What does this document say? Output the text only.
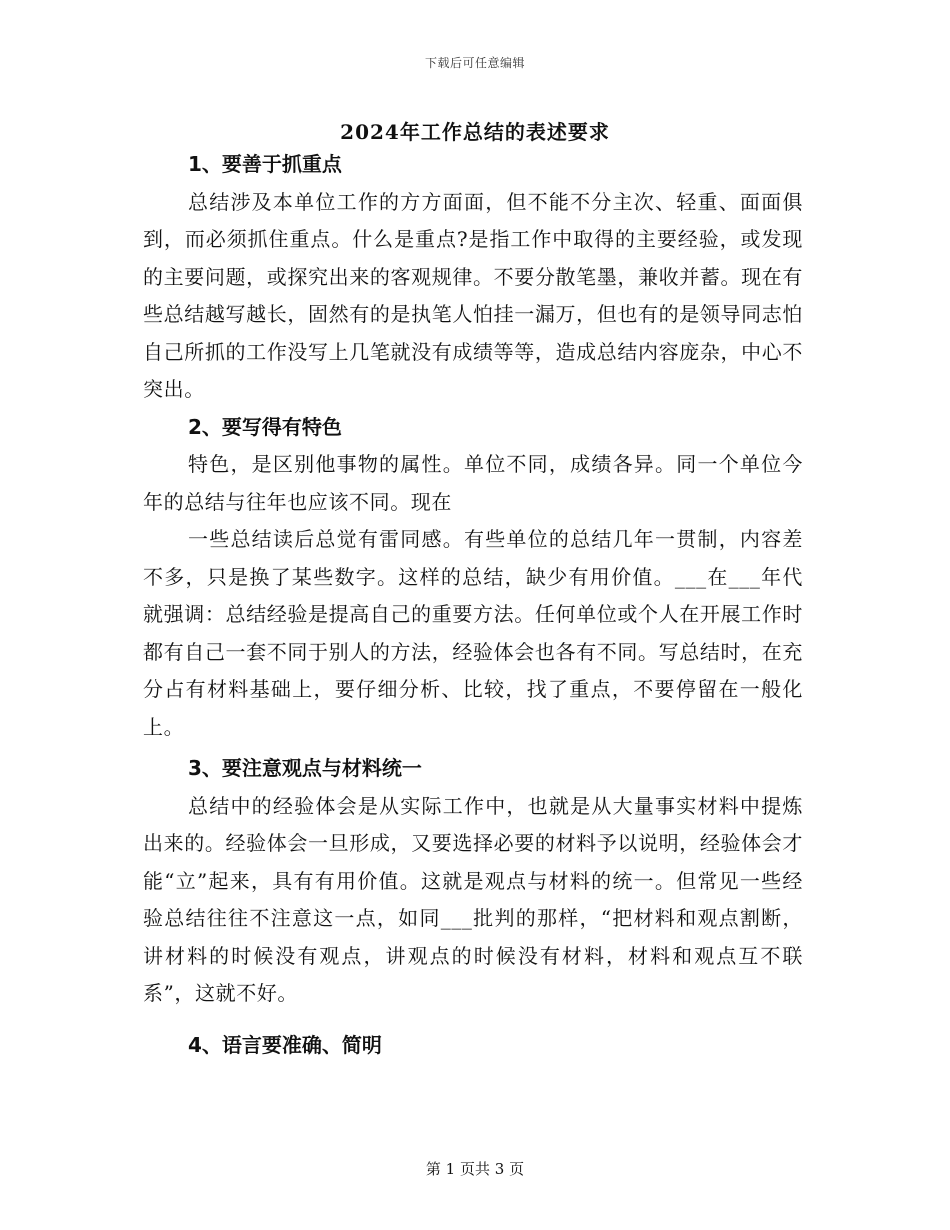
下载后可任意编辑
2024年工作总结的表述要求

1、要善于抓重点

总结涉及本单位工作的方方面面，但不能不分主次、轻重、面面俱到，而必须抓住重点。什么是重点?是指工作中取得的主要经验，或发现的主要问题，或探究出来的客观规律。不要分散笔墨，兼收并蓄。现在有些总结越写越长，固然有的是执笔人怕挂一漏万，但也有的是领导同志怕自己所抓的工作没写上几笔就没有成绩等等，造成总结内容庞杂，中心不突出。

2、要写得有特色

特色，是区别他事物的属性。单位不同，成绩各异。同一个单位今年的总结与往年也应该不同。现在

一些总结读后总觉有雷同感。有些单位的总结几年一贯制，内容差不多，只是换了某些数字。这样的总结，缺少有用价值。___在___年代就强调：总结经验是提高自己的重要方法。任何单位或个人在开展工作时都有自己一套不同于别人的方法，经验体会也各有不同。写总结时，在充分占有材料基础上，要仔细分析、比较，找了重点，不要停留在一般化上。

3、要注意观点与材料统一

总结中的经验体会是从实际工作中，也就是从大量事实材料中提炼出来的。经验体会一旦形成，又要选择必要的材料予以说明，经验体会才能“立”起来，具有有用价值。这就是观点与材料的统一。但常见一些经验总结往往不注意这一点，如同___批判的那样，“把材料和观点割断，讲材料的时候没有观点，讲观点的时候没有材料，材料和观点互不联系”，这就不好。

4、语言要准确、简明

第 1 页共 3 页
